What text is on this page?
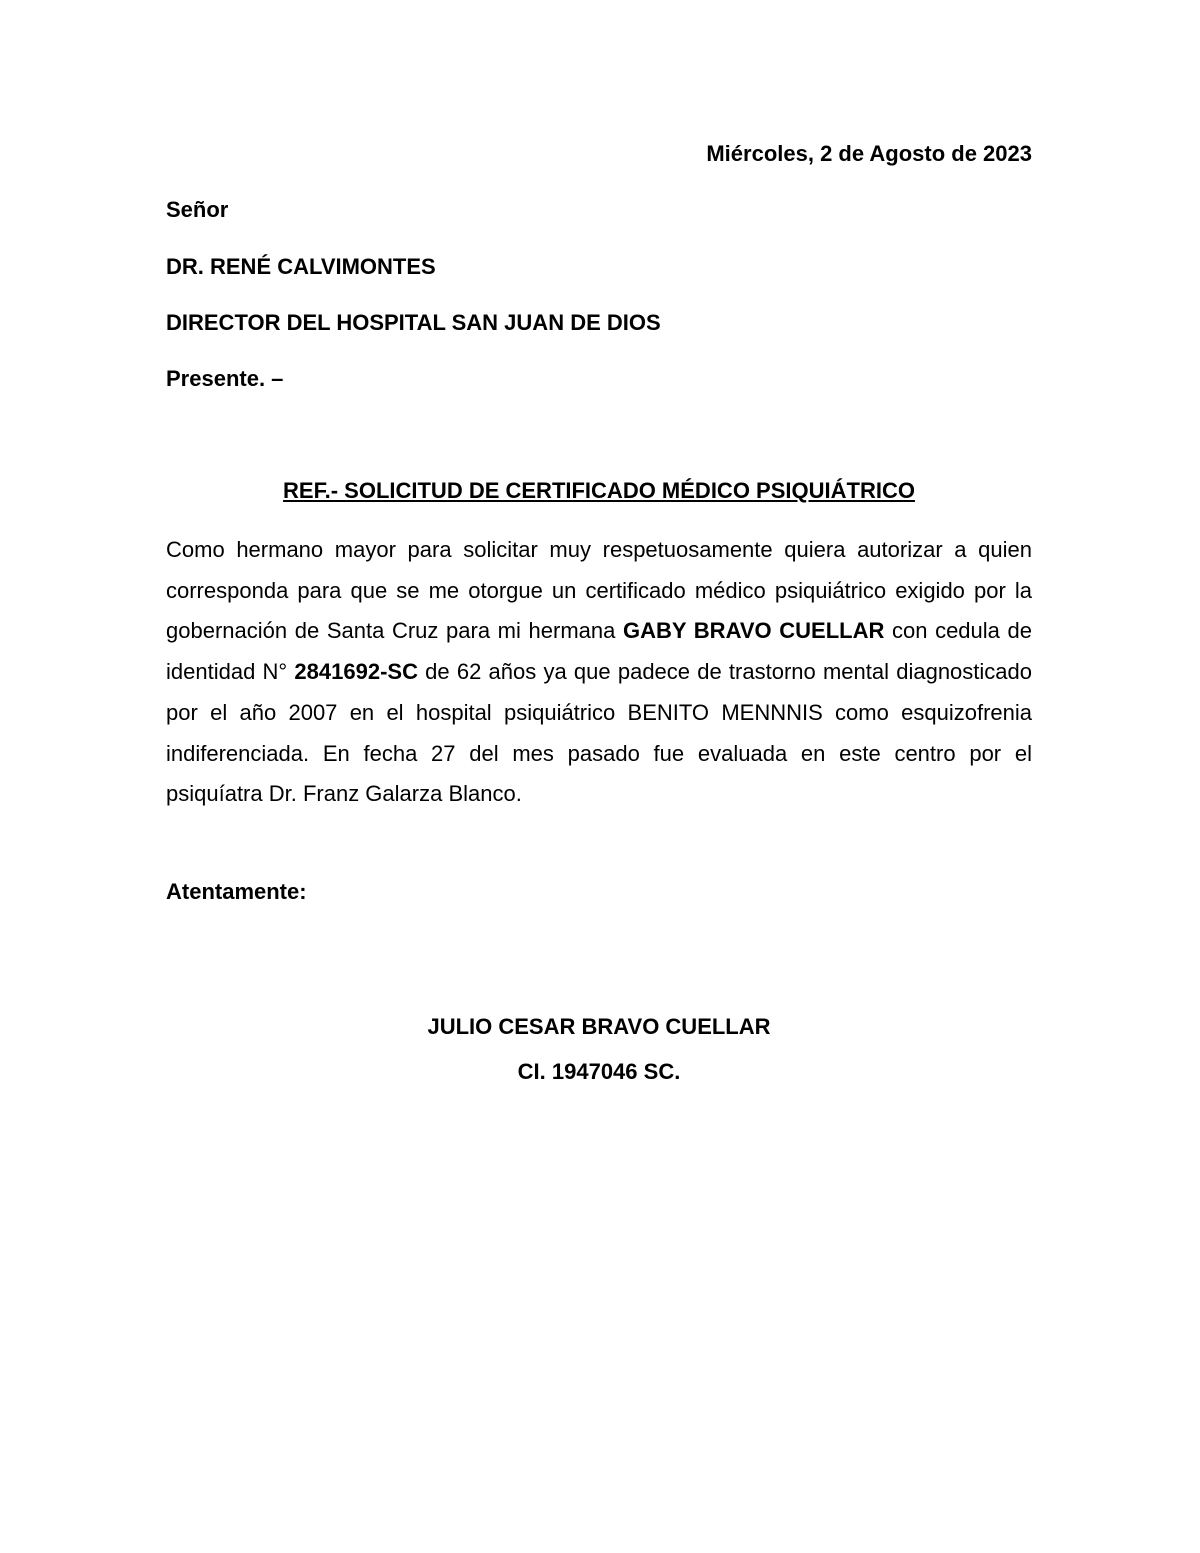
Miércoles, 2 de Agosto de 2023
Señor
DR. RENÉ CALVIMONTES
DIRECTOR DEL HOSPITAL SAN JUAN DE DIOS
Presente. –
REF.- SOLICITUD DE CERTIFICADO MÉDICO PSIQUIÁTRICO
Como hermano mayor para solicitar muy respetuosamente quiera autorizar a quien corresponda para que se me otorgue un certificado médico psiquiátrico exigido por la gobernación de Santa Cruz para mi hermana GABY BRAVO CUELLAR con cedula de identidad N° 2841692-SC de 62 años ya que padece de trastorno mental diagnosticado por el año 2007 en el hospital psiquiátrico BENITO MENNNIS como esquizofrenia indiferenciada. En fecha 27 del mes pasado fue evaluada en este centro por el psiquíatra Dr. Franz Galarza Blanco.
Atentamente:
JULIO CESAR BRAVO CUELLAR
CI. 1947046 SC.
